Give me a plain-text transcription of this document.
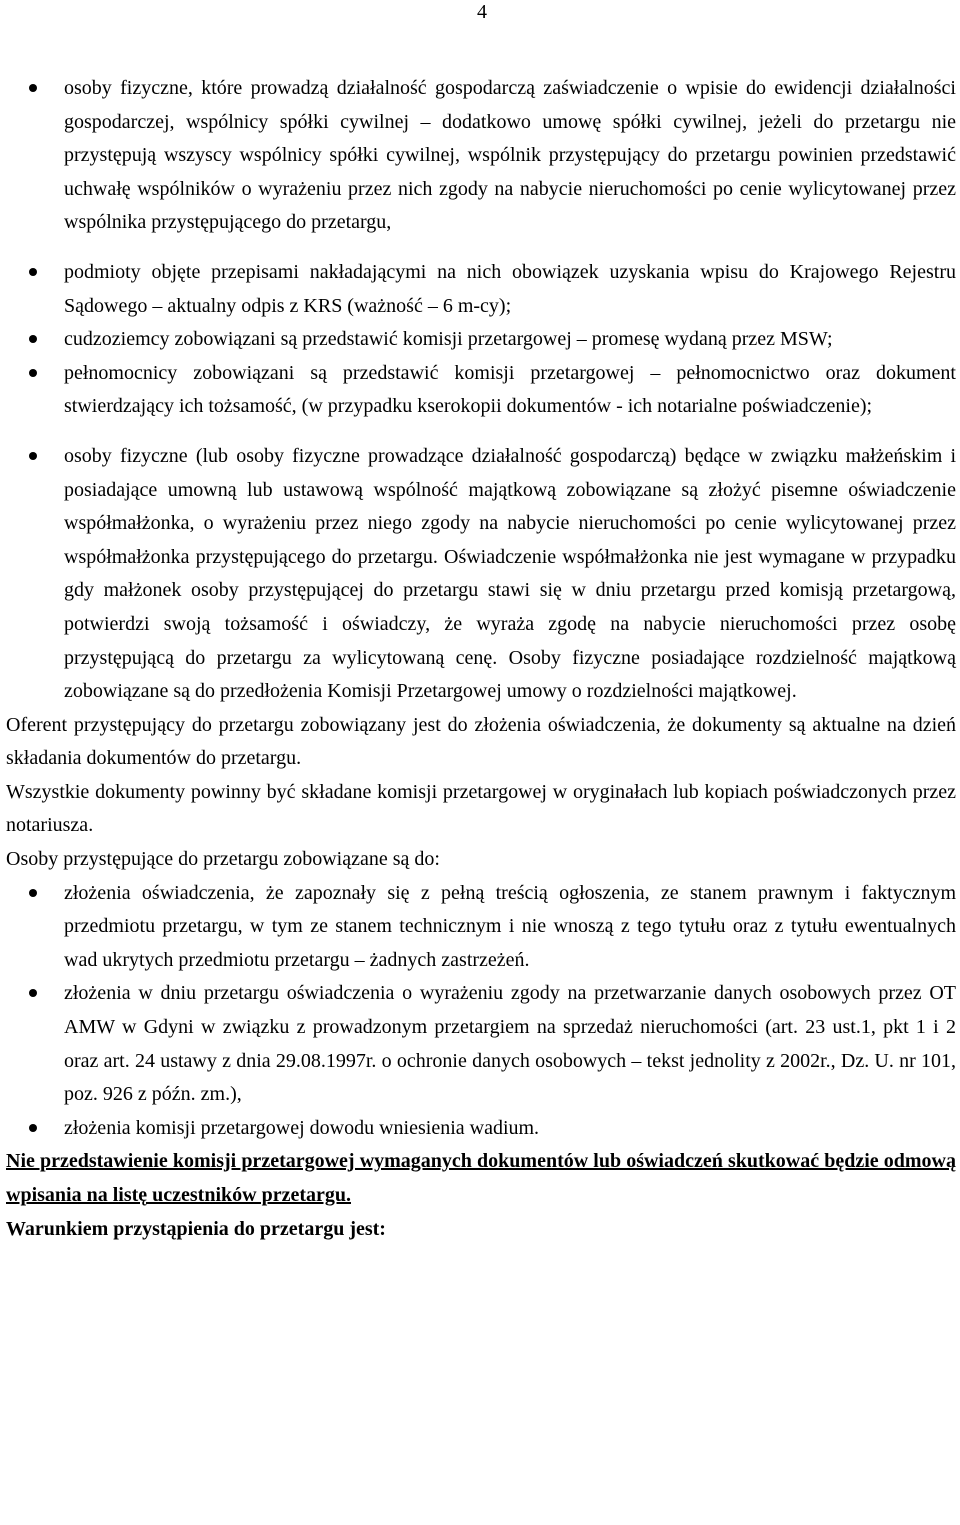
4
osoby fizyczne, które prowadzą działalność gospodarczą zaświadczenie o wpisie do ewidencji działalności gospodarczej, wspólnicy spółki cywilnej – dodatkowo umowę spółki cywilnej, jeżeli do przetargu nie przystępują wszyscy wspólnicy spółki cywilnej, wspólnik przystępujący do przetargu powinien przedstawić uchwałę wspólników o wyrażeniu przez nich zgody na nabycie nieruchomości po cenie wylicytowanej przez wspólnika przystępującego do przetargu,
podmioty objęte przepisami nakładającymi na nich obowiązek uzyskania wpisu do Krajowego Rejestru Sądowego – aktualny odpis z KRS (ważność – 6 m-cy);
cudzoziemcy zobowiązani są przedstawić komisji przetargowej – promesę wydaną przez MSW;
pełnomocnicy zobowiązani są przedstawić komisji przetargowej – pełnomocnictwo oraz dokument stwierdzający ich tożsamość, (w przypadku kserokopii dokumentów - ich notarialne poświadczenie);
osoby fizyczne (lub osoby fizyczne prowadzące działalność gospodarczą) będące w związku małżeńskim i posiadające umowną lub ustawową wspólność majątkową zobowiązane są złożyć pisemne oświadczenie współmałżonka, o wyrażeniu przez niego zgody na nabycie nieruchomości po cenie wylicytowanej przez współmałżonka przystępującego do przetargu. Oświadczenie współmałżonka nie jest wymagane w przypadku gdy małżonek osoby przystępującej do przetargu stawi się w dniu przetargu przed komisją przetargową, potwierdzi swoją tożsamość i oświadczy, że wyraża zgodę na nabycie nieruchomości przez osobę przystępującą do przetargu za wylicytowaną cenę. Osoby fizyczne posiadające rozdzielność majątkową zobowiązane są do przedłożenia Komisji Przetargowej umowy o rozdzielności majątkowej.

Oferent przystępujący do przetargu zobowiązany jest do złożenia oświadczenia, że dokumenty są aktualne na dzień składania dokumentów do przetargu.

Wszystkie dokumenty powinny być składane komisji przetargowej w oryginałach lub kopiach poświadczonych przez notariusza.

Osoby przystępujące do przetargu zobowiązane są do:

złożenia oświadczenia, że zapoznały się z pełną treścią ogłoszenia, ze stanem prawnym i faktycznym przedmiotu przetargu, w tym ze stanem technicznym i nie wnoszą z tego tytułu oraz z tytułu ewentualnych wad ukrytych przedmiotu przetargu – żadnych zastrzeżeń.
złożenia w dniu przetargu oświadczenia o wyrażeniu zgody na przetwarzanie danych osobowych przez OT AMW w Gdyni w związku z prowadzonym przetargiem na sprzedaż nieruchomości (art. 23 ust.1, pkt 1 i 2 oraz art. 24 ustawy z dnia 29.08.1997r. o ochronie danych osobowych – tekst jednolity z 2002r., Dz. U. nr 101, poz. 926 z późn. zm.),
złożenia komisji przetargowej dowodu wniesienia wadium.

Nie przedstawienie komisji przetargowej wymaganych dokumentów lub oświadczeń skutkować będzie odmową wpisania na listę uczestników przetargu.

Warunkiem przystąpienia do przetargu jest:
